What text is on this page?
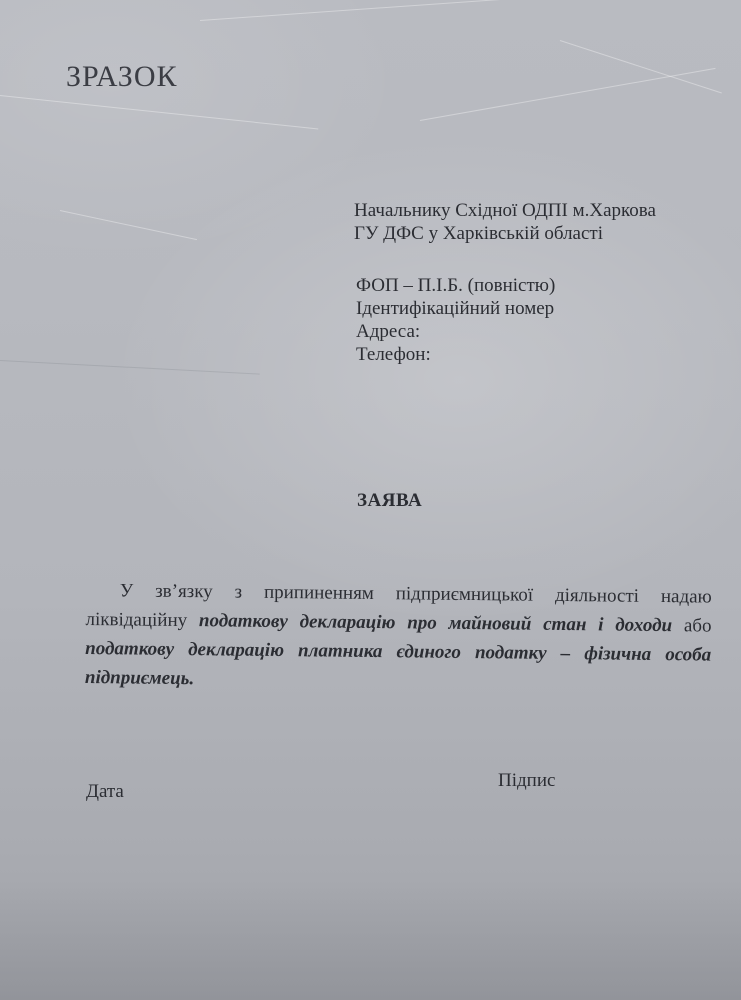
ЗРАЗОК
Начальнику Східної ОДПІ м.Харкова
ГУ ДФС у Харківській області
ФОП – П.І.Б. (повністю)
Ідентифікаційний номер
Адреса:
Телефон:
ЗАЯВА
У зв’язку з припиненням підприємницької діяльності надаю ліквідаційну податкову декларацію про майновий стан і доходи або податкову декларацію платника єдиного податку – фізична особа підприємець.
Підпис
Дата
